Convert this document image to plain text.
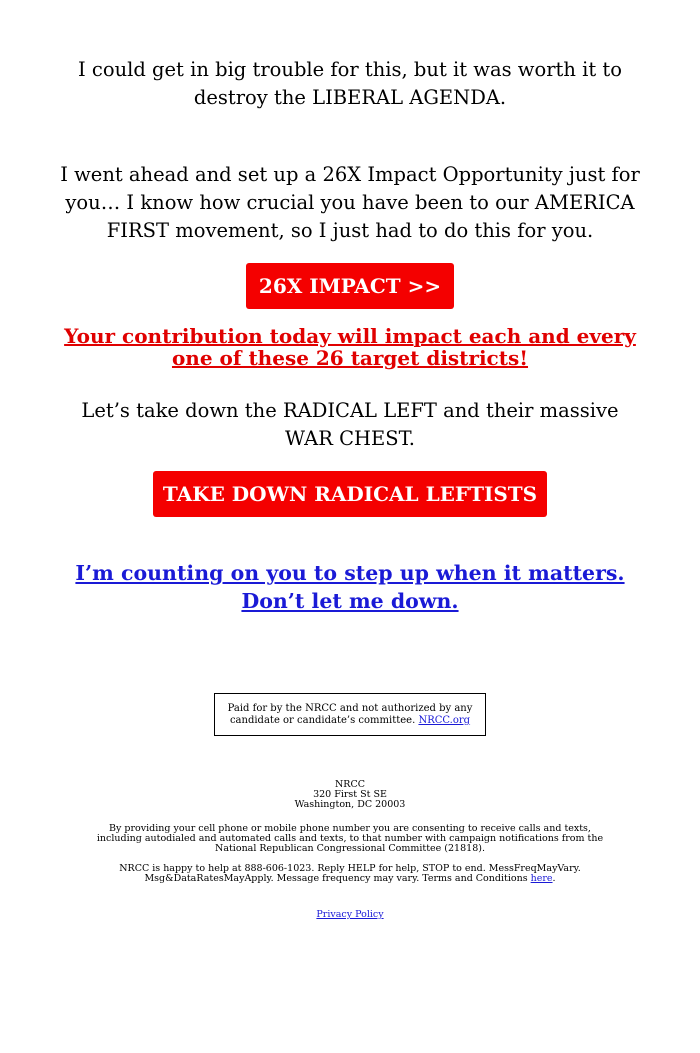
I could get in big trouble for this, but it was worth it to destroy the LIBERAL AGENDA.

I went ahead and set up a 26X Impact Opportunity just for you… I know how crucial you have been to our AMERICA FIRST movement, so I just had to do this for you.

26X IMPACT >>
Your contribution today will impact each and every one of these 26 target districts!

Let’s take down the RADICAL LEFT and their massive WAR CHEST.

TAKE DOWN RADICAL LEFTISTS
I’m counting on you to step up when it matters. Don’t let me down.
Paid for by the NRCC and not authorized by any candidate or candidate’s committee. NRCC.org
NRCC
320 First St SE
Washington, DC 20003
By providing your cell phone or mobile phone number you are consenting to receive calls and texts, including autodialed and automated calls and texts, to that number with campaign notifications from the National Republican Congressional Committee (21818).
NRCC is happy to help at 888-606-1023. Reply HELP for help, STOP to end. MessFreqMayVary. Msg&DataRatesMayApply. Message frequency may vary. Terms and Conditions here.
Privacy Policy
